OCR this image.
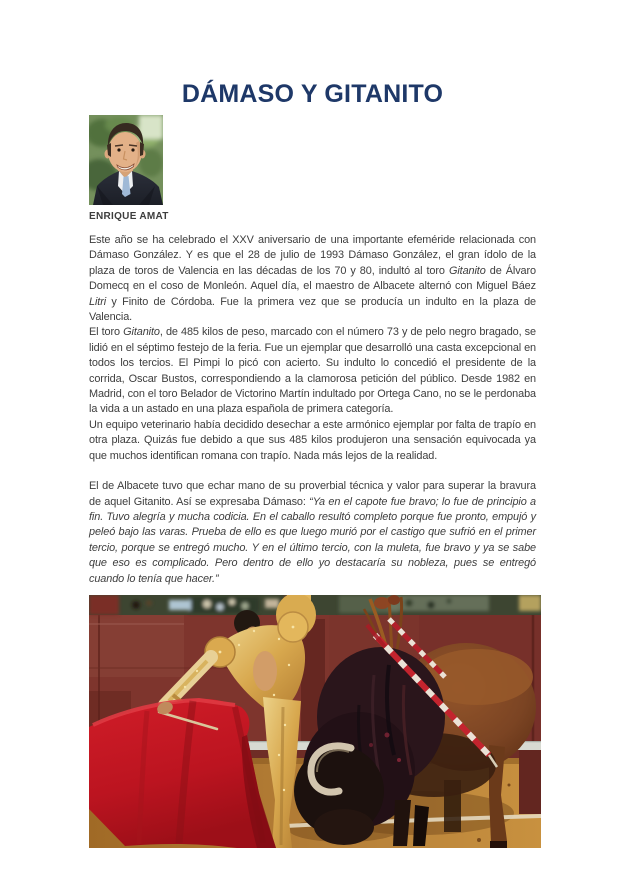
DÁMASO Y GITANITO
ENRIQUE AMAT

Este año se ha celebrado el XXV aniversario de una importante efeméride relacionada con Dámaso González. Y es que el 28 de julio de 1993 Dámaso González, el gran ídolo de la plaza de toros de Valencia en las décadas de los 70 y 80, indultó al toro Gitanito de Álvaro Domecq en el coso de Monleón. Aquel día, el maestro de Albacete alternó con Miguel Báez Litri y Finito de Córdoba. Fue la primera vez que se producía un indulto en la plaza de Valencia.

El toro Gitanito, de 485 kilos de peso, marcado con el número 73 y de pelo negro bragado, se lidió en el séptimo festejo de la feria. Fue un ejemplar que desarrolló una casta excepcional en todos los tercios. El Pimpi lo picó con acierto. Su indulto lo concedió el presidente de la corrida, Oscar Bustos, correspondiendo a la clamorosa petición del público. Desde 1982 en Madrid, con el toro Belador de Victorino Martín indultado por Ortega Cano, no se le perdonaba la vida a un astado en una plaza española de primera categoría.

Un equipo veterinario había decidido desechar a este armónico ejemplar por falta de trapío en otra plaza. Quizás fue debido a que sus 485 kilos produjeron una sensación equivocada ya que muchos identifican romana con trapío. Nada más lejos de la realidad.

El de Albacete tuvo que echar mano de su proverbial técnica y valor para superar la bravura de aquel Gitanito. Así se expresaba Dámaso: “Ya en el capote fue bravo; lo fue de principio a fin. Tuvo alegría y mucha codicia. En el caballo resultó completo porque fue pronto, empujó y peleó bajo las varas. Prueba de ello es que luego murió por el castigo que sufrió en el primer tercio, porque se entregó mucho. Y en el último tercio, con la muleta, fue bravo y ya se sabe que eso es complicado. Pero dentro de ello yo destacaría su nobleza, pues se entregó cuando lo tenía que hacer.”
